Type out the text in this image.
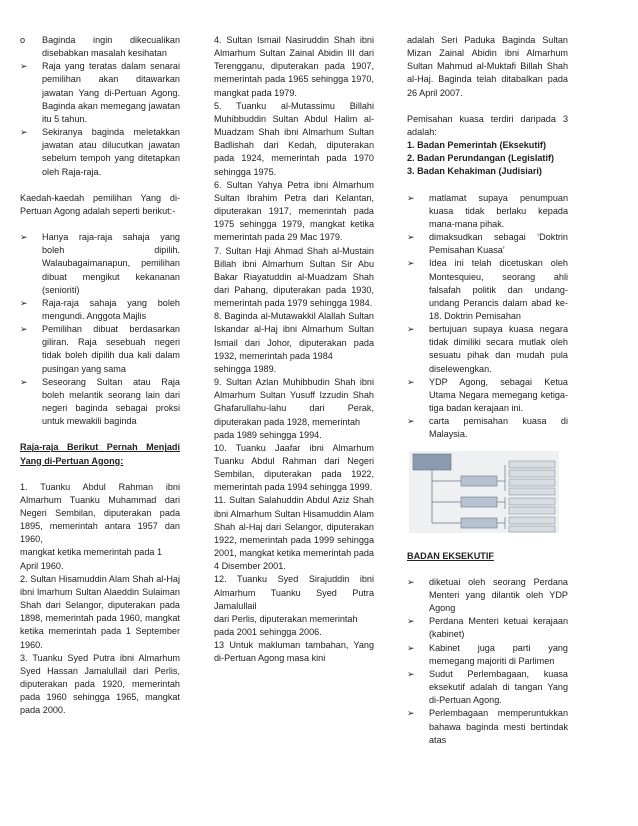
o	Baginda ingin dikecualikan disebabkan masalah kesihatan
➢	Raja yang teratas dalam senarai pemilihan akan ditawarkan jawatan Yang di-Pertuan Agong. Baginda akan memegang jawatan itu 5 tahun.
➢	Sekiranya baginda meletakkan jawatan atau dilucutkan jawatan sebelum tempoh yang ditetapkan oleh Raja-raja.

Kaedah-kaedah pemilihan Yang di-Pertuan Agong adalah seperti berikut:-

➢	Hanya raja-raja sahaja yang boleh dipilih. Walaubagaimanapun, pemilihan dibuat mengikut kekananan (senioriti)
➢	Raja-raja sahaja yang boleh mengundi. Anggota Majlis
➢	Pemilihan dibuat berdasarkan giliran. Raja sesebuah negeri tidak boleh dipilih dua kali dalam pusingan yang sama
➢	Seseorang Sultan atau Raja boleh melantik seorang lain dari negeri baginda sebagai proksi untuk mewakili baginda

Raja-raja Berikut Pernah Menjadi Yang di-Pertuan Agong:

1. Tuanku Abdul Rahman ibni Almarhum Tuanku Muhammad dari Negeri Sembilan, diputerakan pada 1895, memerintah antara 1957 dan 1960,

mangkat ketika memerintah pada 1 April 1960.

2. Sultan Hisamuddin Alam Shah al-Haj ibni lmarhum Sultan Alaeddin Sulaiman Shah dari Selangor, diputerakan pada 1898, memerintah pada 1960, mangkat ketika memerintah pada 1 September 1960.

3. Tuanku Syed Putra ibni Almarhum Syed Hassan Jamalullail dari Perlis, diputerakan pada 1920, memerintah pada 1960 sehingga 1965, mangkat pada 2000.

4. Sultan Ismail Nasiruddin Shah ibni Almarhum Sultan Zainal Abidin III dari Terengganu, diputerakan pada 1907, memerintah pada 1965 sehingga 1970, mangkat pada 1979.

5. Tuanku al-Mutassimu Billahi Muhibbuddin Sultan Abdul Halim al-Muadzam Shah ibni Almarhum Sultan Badlishah dari Kedah, diputerakan pada 1924, memerintah pada 1970 sehingga 1975.

6. Sultan Yahya Petra ibni Almarhum Sultan Ibrahim Petra dari Kelantan, diputerakan 1917, memerintah pada 1975 sehingga 1979, mangkat ketika memerintah pada 29 Mac 1979.

7. Sultan Haji Ahmad Shah al-Mustain Billah ibni Almarhum Sultan Sir Abu Bakar Riayatuddin al-Muadzam Shah dari Pahang, diputerakan pada 1930, memerintah pada 1979 sehingga 1984.

8. Baginda al-Mutawakkil Alallah Sultan Iskandar al-Haj ibni Almarhum Sultan Ismail dari Johor, diputerakan pada 1932, memerintah pada 1984

sehingga 1989.

9. Sultan Azlan Muhibbudin Shah ibni Almarhum Sultan Yusuff Izzudin Shah Ghafarullahu-lahu dari Perak, diputerakan pada 1928, memerintah

pada 1989 sehingga 1994.

10. Tuanku Jaafar ibni Almarhum Tuanku Abdul Rahman dari Negeri Sembilan, diputerakan pada 1922, memerintah pada 1994 sehingga 1999.

11. Sultan Salahuddin Abdul Aziz Shah ibni Almarhum Sultan Hisamuddin Alam Shah al-Haj dari Selangor, diputerakan 1922, memerintah pada 1999 sehingga 2001, mangkat ketika memerintah pada 4 Disember 2001.

12. Tuanku Syed Sirajuddin ibni Almarhum Tuanku Syed Putra Jamalullail

dari Perlis, diputerakan memerintah pada 2001 sehingga 2006.

13 Untuk makluman tambahan, Yang di-Pertuan Agong masa kini

adalah Seri Paduka Baginda Sultan Mizan Zainal Abidin ibni Almarhum Sultan Mahmud al-Muktafi Billah Shah al-Haj. Baginda telah ditabalkan pada 26 April 2007.

Pemisahan kuasa terdiri daripada 3 adalah:

1. Badan Pemerintah (Eksekutif)
2. Badan Perundangan (Legislatif)
3. Badan Kehakiman (Judisiari)
➢	matlamat supaya penumpuan kuasa tidak berlaku kepada mana-mana pihak.
➢	dimaksudkan sebagai ‘Doktrin Pemisahan Kuasa’
➢	Idea ini telah dicetuskan oleh Montesquieu, seorang ahli falsafah politik dan undang-undang Perancis dalam abad ke-18. Doktrin Pemisahan
➢	bertujuan supaya kuasa negara tidak dimiliki secara mutlak oleh sesuatu pihak dan mudah pula diselewengkan.
➢	YDP Agong, sebagai Ketua Utama Negara memegang ketiga-tiga badan kerajaan ini.
➢	carta pemisahan kuasa di Malaysia.

BADAN EKSEKUTIF

➢	diketuai oleh seorang Perdana Menteri yang dilantik oleh YDP Agong
➢	Perdana Menteri ketuai kerajaan (kabinet)
➢	Kabinet juga parti yang memegang majoriti di Parlimen
➢	Sudut Perlembagaan, kuasa eksekutif adalah di tangan Yang di-Pertuan Agong.
➢	Perlembagaan memperuntukkan bahawa baginda mesti bertindak atas
